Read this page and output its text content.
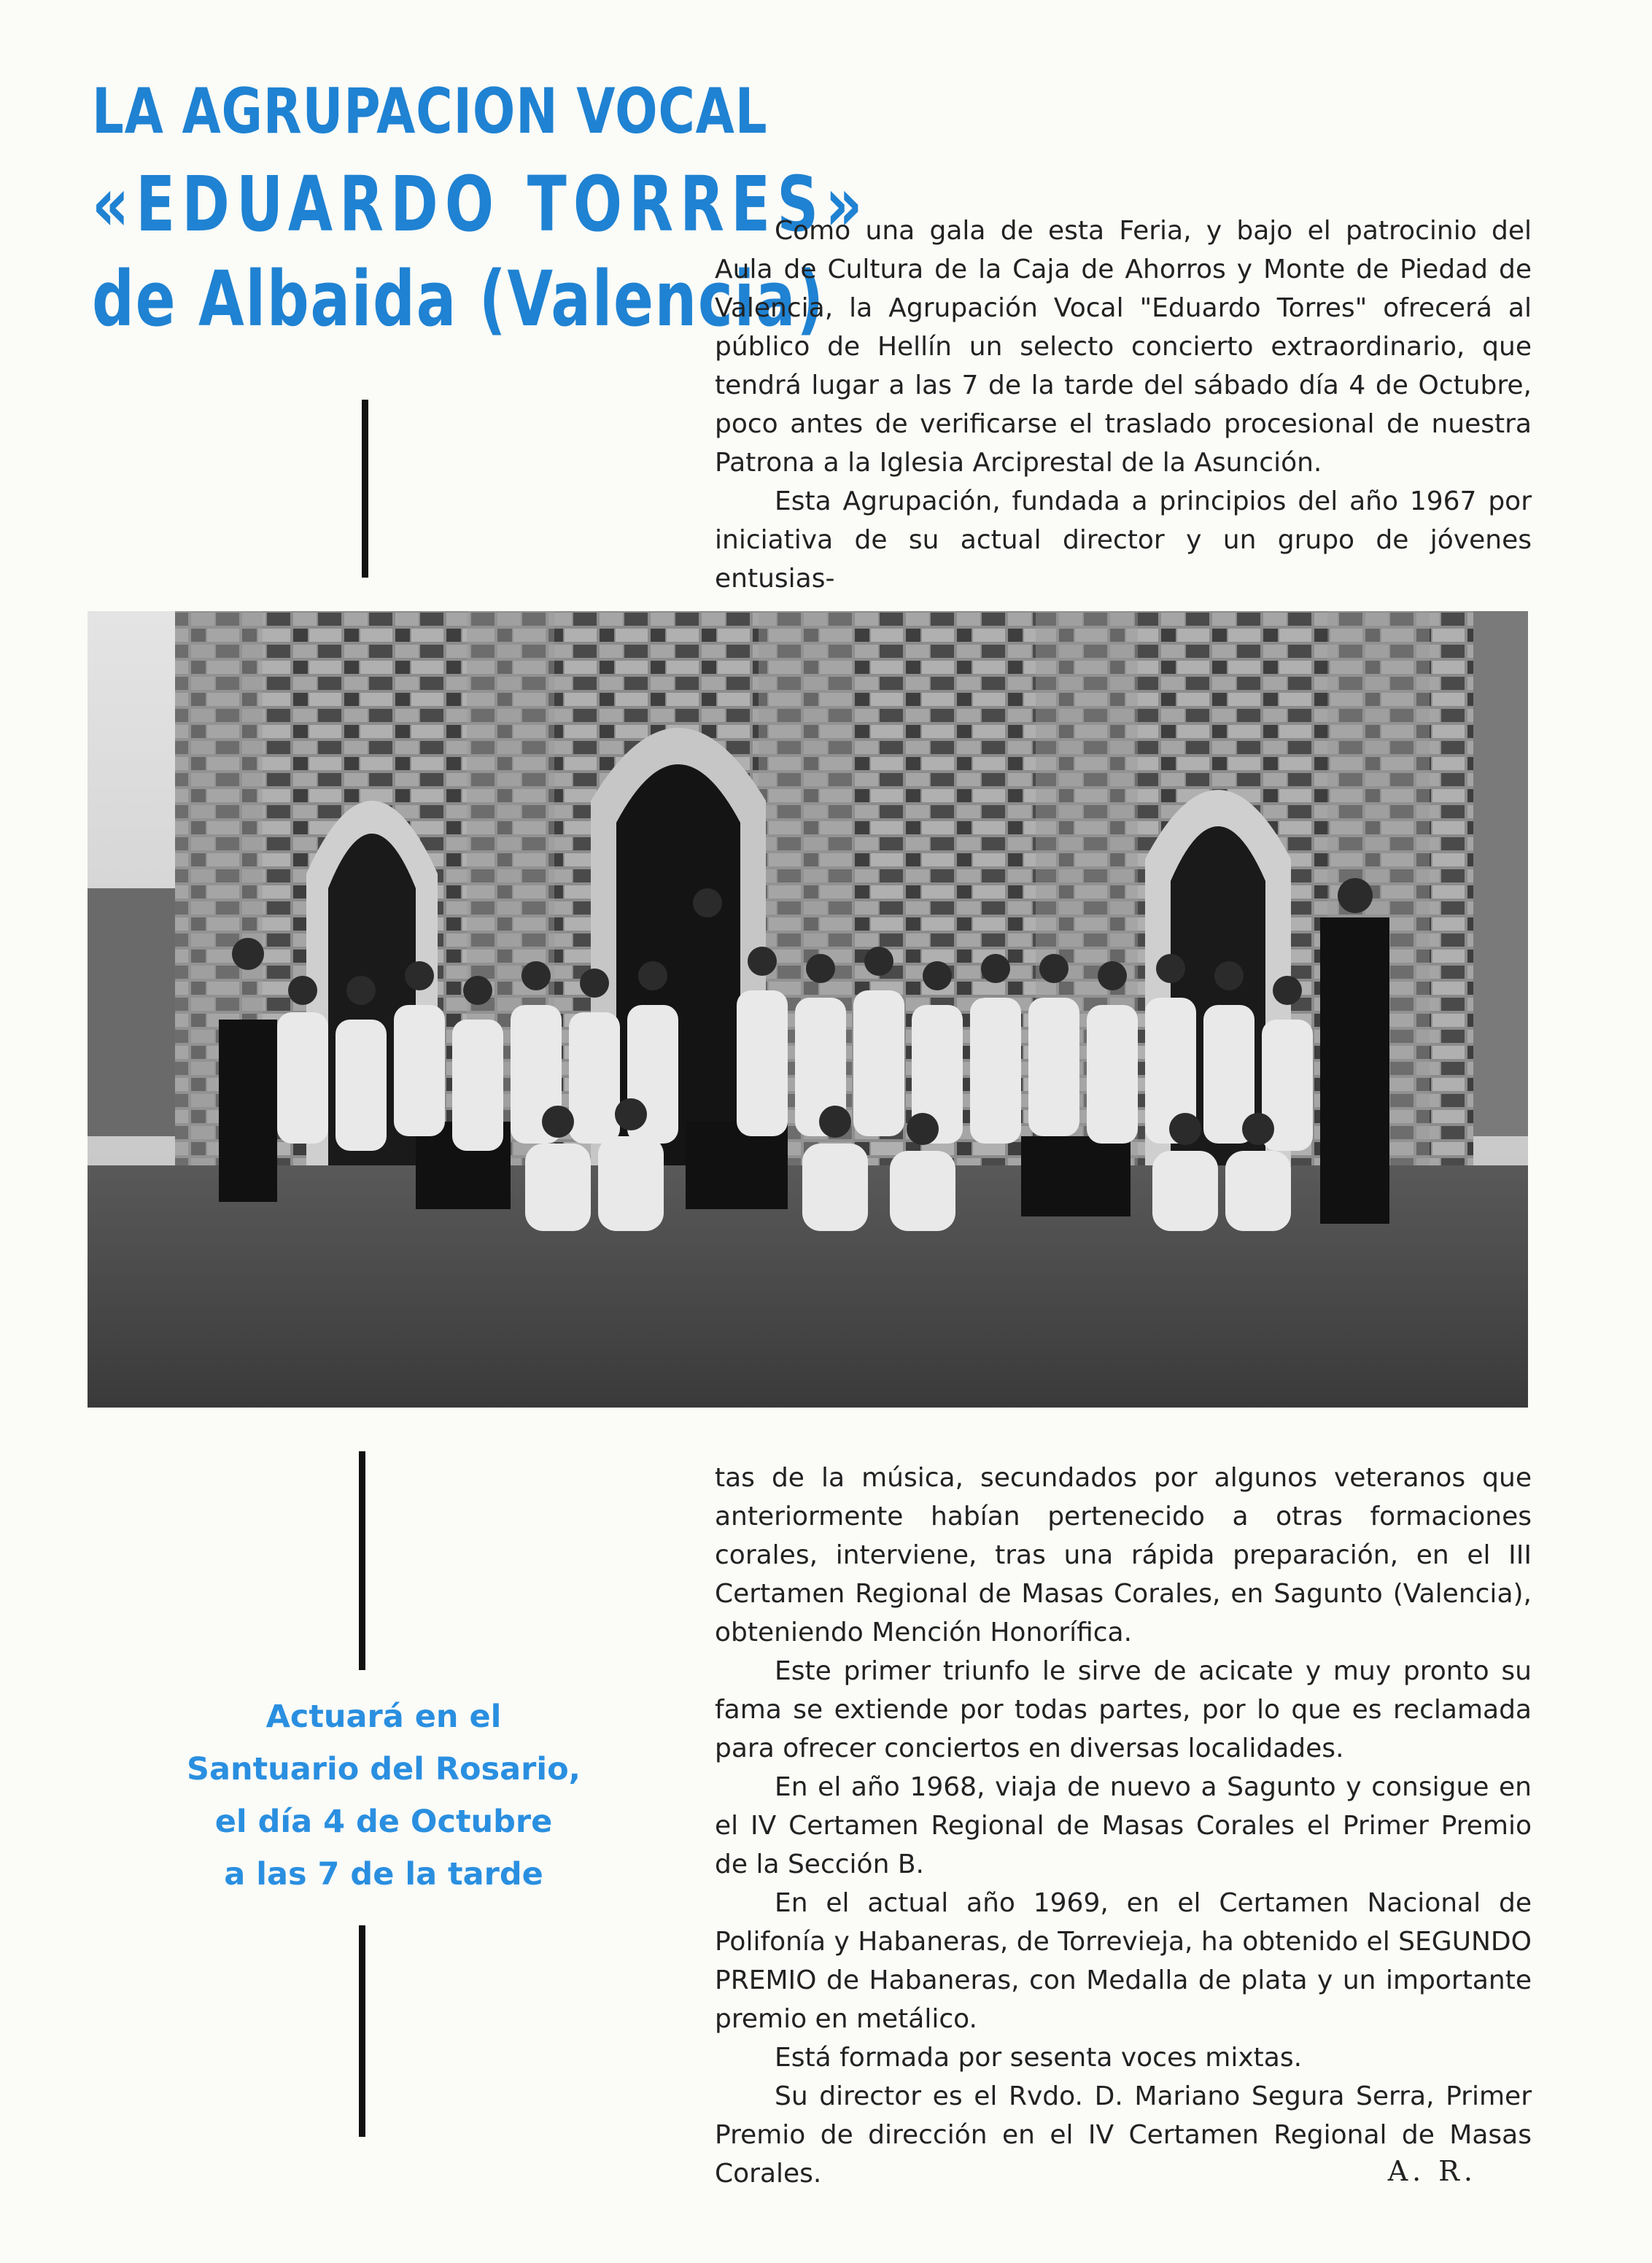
LA AGRUPACION VOCAL
«EDUARDO TORRES»
de Albaida (Valencia)

Como una gala de esta Feria, y bajo el patrocinio del Aula de Cultura de la Caja de Ahorros y Monte de Piedad de Valencia, la Agrupación Vocal "Eduardo Torres" ofrecerá al público de Hellín un selecto concierto extraordinario, que tendrá lugar a las 7 de la tarde del sábado día 4 de Octubre, poco antes de verificarse el traslado procesional de nuestra Patrona a la Iglesia Arciprestal de la Asunción.

Esta Agrupación, fundada a principios del año 1967 por iniciativa de su actual director y un grupo de jóvenes entusias-

Actuará en el
Santuario del Rosario,
el día 4 de Octubre
a las 7 de la tarde

tas de la música, secundados por algunos veteranos que anteriormente habían pertenecido a otras formaciones corales, interviene, tras una rápida preparación, en el III Certamen Regional de Masas Corales, en Sagunto (Valencia), obteniendo Mención Honorífica.

Este primer triunfo le sirve de acicate y muy pronto su fama se extiende por todas partes, por lo que es reclamada para ofrecer conciertos en diversas localidades.

En el año 1968, viaja de nuevo a Sagunto y consigue en el IV Certamen Regional de Masas Corales el Primer Premio de la Sección B.

En el actual año 1969, en el Certamen Nacional de Polifonía y Habaneras, de Torrevieja, ha obtenido el SEGUNDO PREMIO de Habaneras, con Medalla de plata y un importante premio en metálico.

Está formada por sesenta voces mixtas.

Su director es el Rvdo. D. Mariano Segura Serra, Primer Premio de dirección en el IV Certamen Regional de Masas Corales.	A. R.
